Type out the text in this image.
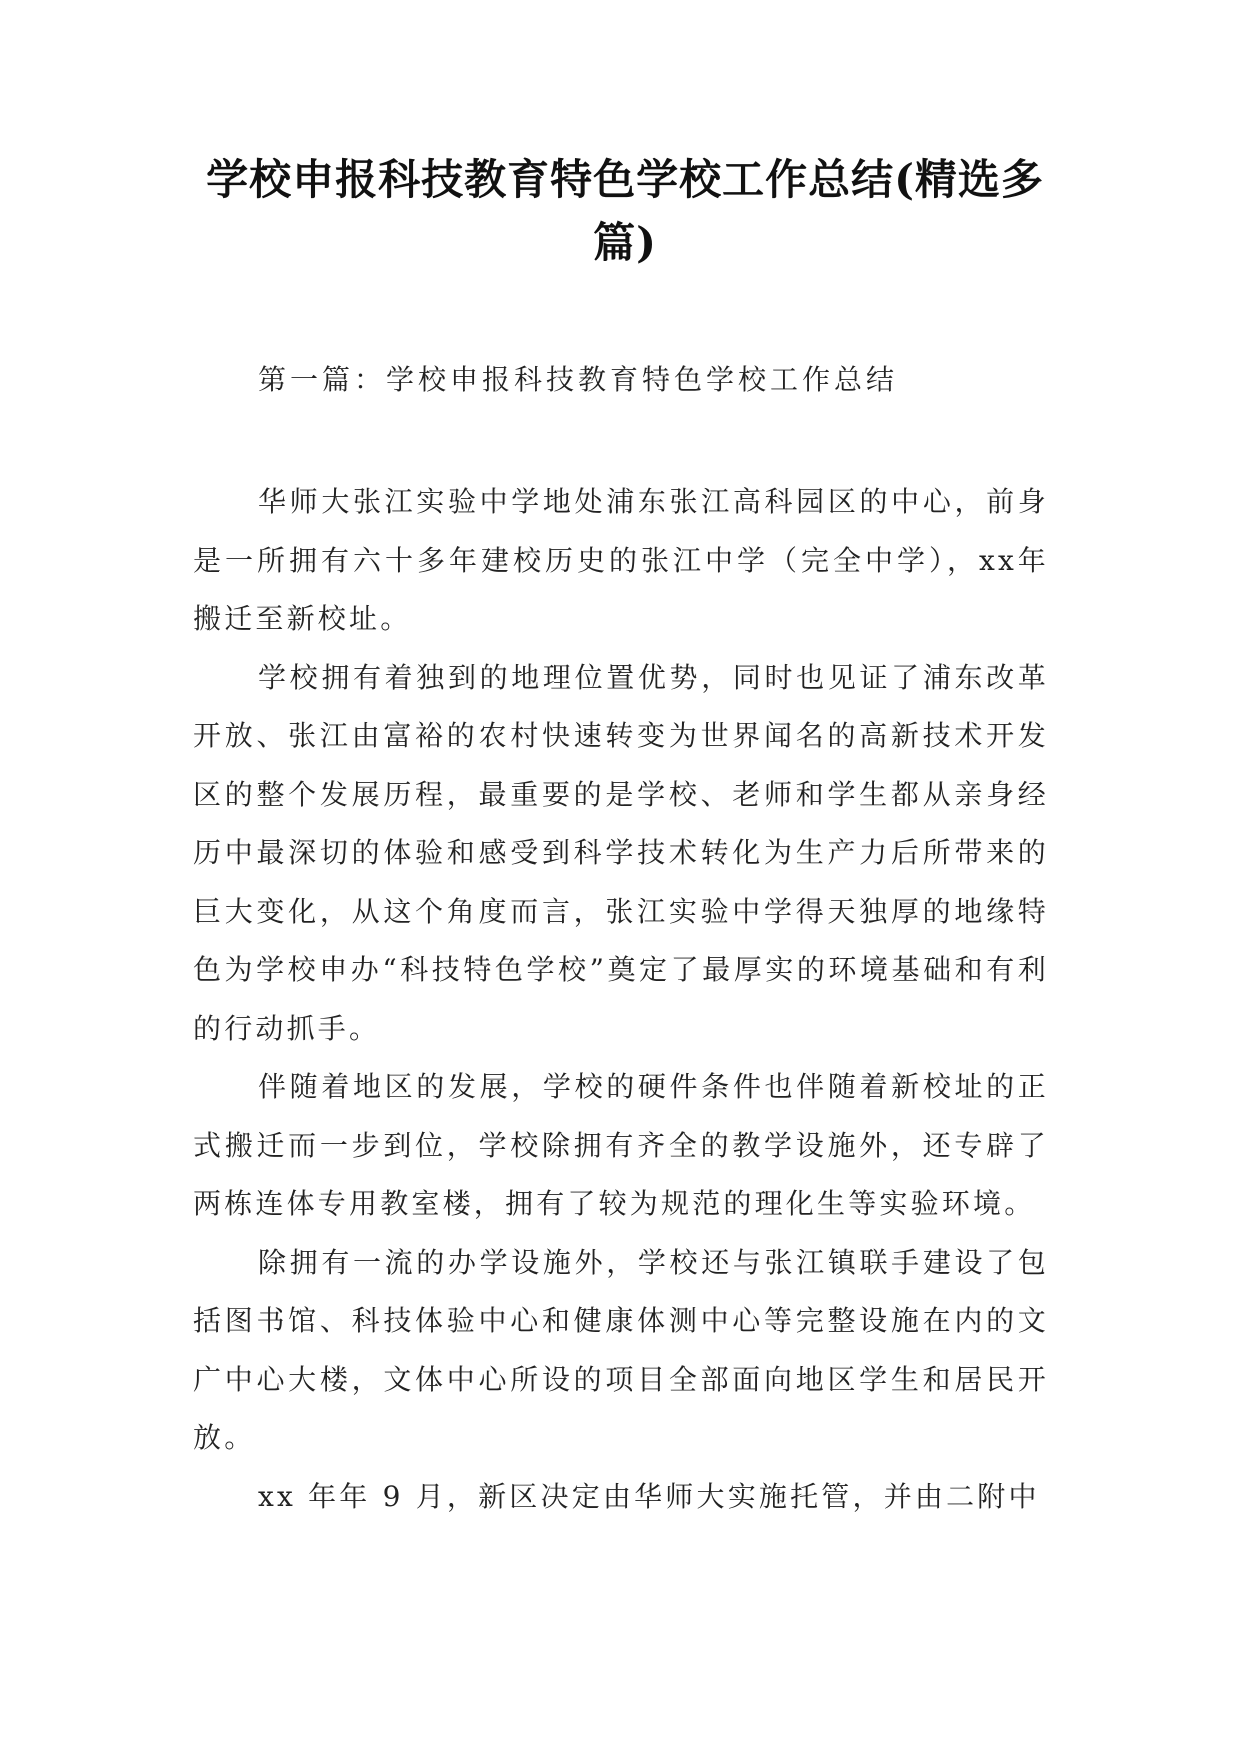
学校申报科技教育特色学校工作总结(精选多篇)
第一篇：学校申报科技教育特色学校工作总结

华师大张江实验中学地处浦东张江高科园区的中心，前身是一所拥有六十多年建校历史的张江中学（完全中学），xx年搬迁至新校址。

学校拥有着独到的地理位置优势，同时也见证了浦东改革开放、张江由富裕的农村快速转变为世界闻名的高新技术开发区的整个发展历程，最重要的是学校、老师和学生都从亲身经历中最深切的体验和感受到科学技术转化为生产力后所带来的巨大变化，从这个角度而言，张江实验中学得天独厚的地缘特色为学校申办“科技特色学校”奠定了最厚实的环境基础和有利的行动抓手。

伴随着地区的发展，学校的硬件条件也伴随着新校址的正式搬迁而一步到位，学校除拥有齐全的教学设施外，还专辟了两栋连体专用教室楼，拥有了较为规范的理化生等实验环境。

除拥有一流的办学设施外，学校还与张江镇联手建设了包括图书馆、科技体验中心和健康体测中心等完整设施在内的文广中心大楼，文体中心所设的项目全部面向地区学生和居民开放。

xx 年年 9 月，新区决定由华师大实施托管，并由二附中
